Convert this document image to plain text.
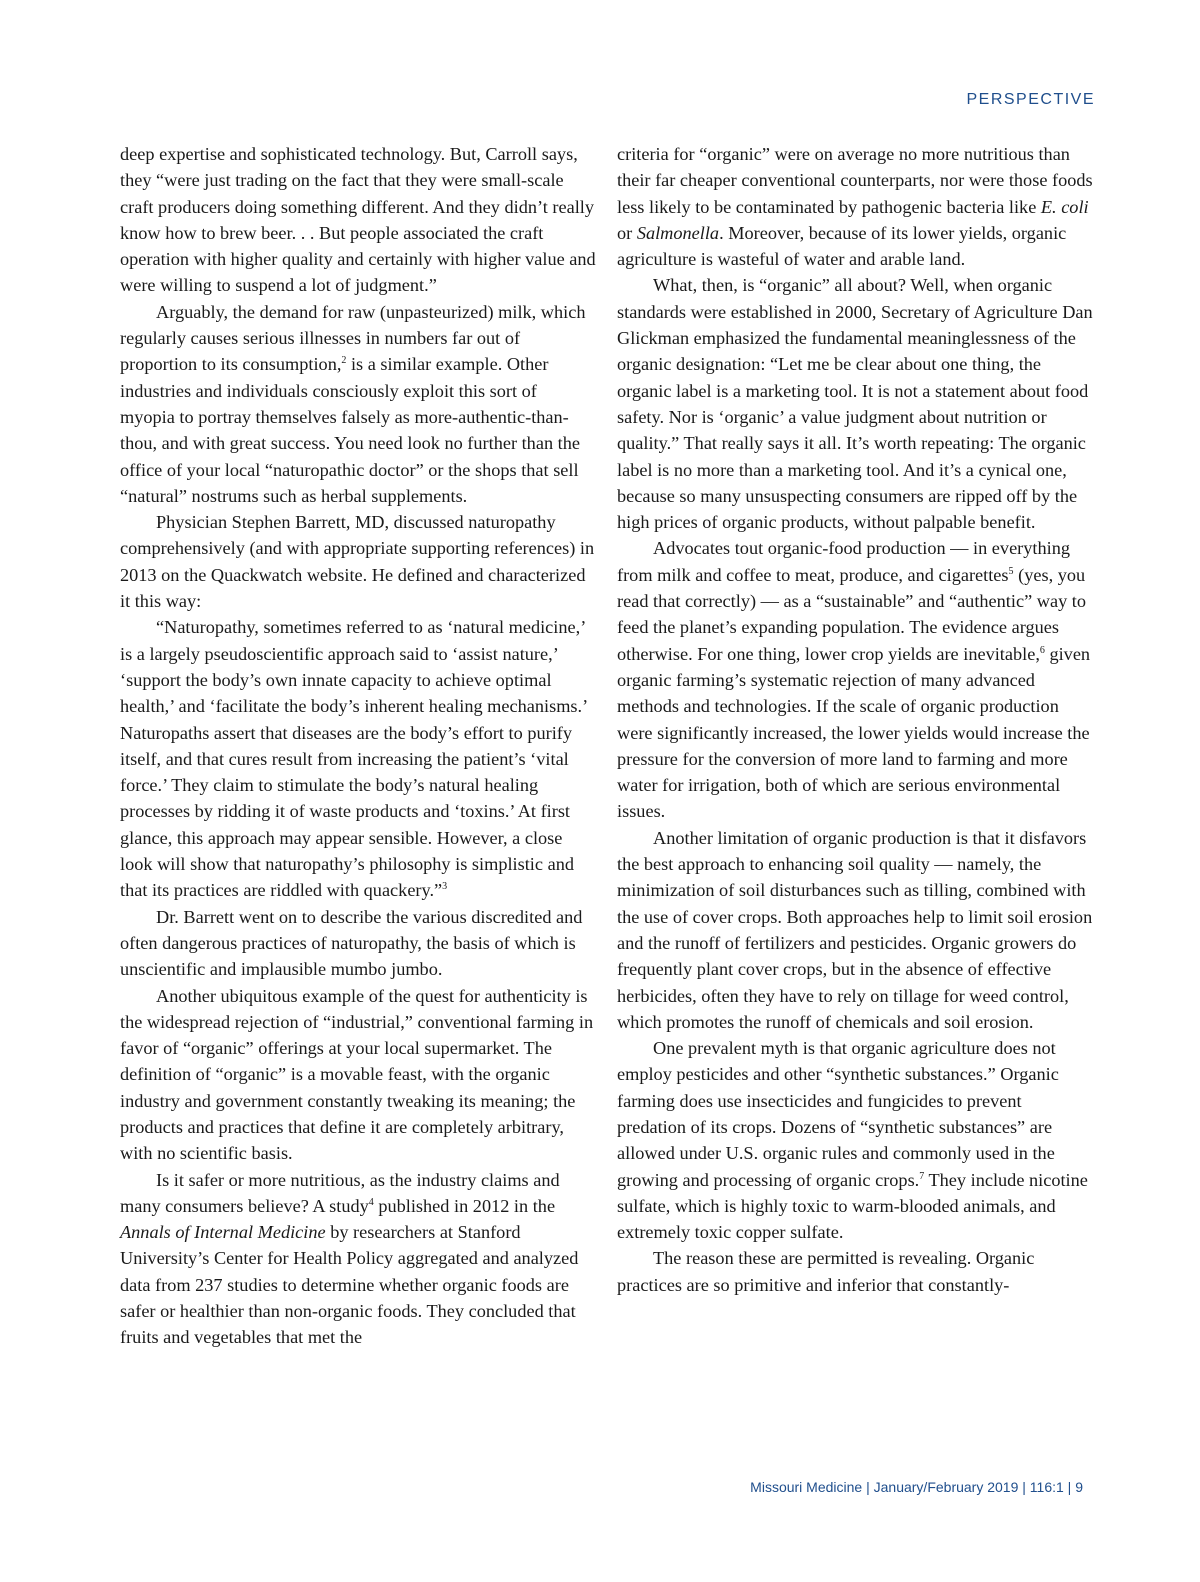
PERSPECTIVE

deep expertise and sophisticated technology. But, Carroll says, they “were just trading on the fact that they were small-scale craft producers doing something different. And they didn’t really know how to brew beer. . . But people associated the craft operation with higher quality and certainly with higher value and were willing to suspend a lot of judgment.”

Arguably, the demand for raw (unpasteurized) milk, which regularly causes serious illnesses in numbers far out of proportion to its consumption,$^2$ is a similar example. Other industries and individuals consciously exploit this sort of myopia to portray themselves falsely as more-authentic-than-thou, and with great success. You need look no further than the office of your local “naturopathic doctor” or the shops that sell “natural” nostrums such as herbal supplements.

Physician Stephen Barrett, MD, discussed naturopathy comprehensively (and with appropriate supporting references) in 2013 on the Quackwatch website. He defined and characterized it this way:

“Naturopathy, sometimes referred to as ‘natural medicine,’ is a largely pseudoscientific approach said to ‘assist nature,’ ‘support the body’s own innate capacity to achieve optimal health,’ and ‘facilitate the body’s inherent healing mechanisms.’ Naturopaths assert that diseases are the body’s effort to purify itself, and that cures result from increasing the patient’s ‘vital force.’ They claim to stimulate the body’s natural healing processes by ridding it of waste products and ‘toxins.’ At first glance, this approach may appear sensible. However, a close look will show that naturopathy’s philosophy is simplistic and that its practices are riddled with quackery.”$^3$

Dr. Barrett went on to describe the various discredited and often dangerous practices of naturopathy, the basis of which is unscientific and implausible mumbo jumbo.

Another ubiquitous example of the quest for authenticity is the widespread rejection of “industrial,” conventional farming in favor of “organic” offerings at your local supermarket. The definition of “organic” is a movable feast, with the organic industry and government constantly tweaking its meaning; the products and practices that define it are completely arbitrary, with no scientific basis.

Is it safer or more nutritious, as the industry claims and many consumers believe? A study$^4$ published in 2012 in the Annals of Internal Medicine by researchers at Stanford University’s Center for Health Policy aggregated and analyzed data from 237 studies to determine whether organic foods are safer or healthier than non-organic foods. They concluded that fruits and vegetables that met the

criteria for “organic” were on average no more nutritious than their far cheaper conventional counterparts, nor were those foods less likely to be contaminated by pathogenic bacteria like E. coli or Salmonella. Moreover, because of its lower yields, organic agriculture is wasteful of water and arable land.

What, then, is “organic” all about? Well, when organic standards were established in 2000, Secretary of Agriculture Dan Glickman emphasized the fundamental meaninglessness of the organic designation: “Let me be clear about one thing, the organic label is a marketing tool. It is not a statement about food safety. Nor is ‘organic’ a value judgment about nutrition or quality.” That really says it all. It’s worth repeating: The organic label is no more than a marketing tool. And it’s a cynical one, because so many unsuspecting consumers are ripped off by the high prices of organic products, without palpable benefit.

Advocates tout organic-food production — in everything from milk and coffee to meat, produce, and cigarettes$^5$ (yes, you read that correctly) — as a “sustainable” and “authentic” way to feed the planet’s expanding population. The evidence argues otherwise. For one thing, lower crop yields are inevitable,$^6$ given organic farming’s systematic rejection of many advanced methods and technologies. If the scale of organic production were significantly increased, the lower yields would increase the pressure for the conversion of more land to farming and more water for irrigation, both of which are serious environmental issues.

Another limitation of organic production is that it disfavors the best approach to enhancing soil quality — namely, the minimization of soil disturbances such as tilling, combined with the use of cover crops. Both approaches help to limit soil erosion and the runoff of fertilizers and pesticides. Organic growers do frequently plant cover crops, but in the absence of effective herbicides, often they have to rely on tillage for weed control, which promotes the runoff of chemicals and soil erosion.

One prevalent myth is that organic agriculture does not employ pesticides and other “synthetic substances.” Organic farming does use insecticides and fungicides to prevent predation of its crops. Dozens of “synthetic substances” are allowed under U.S. organic rules and commonly used in the growing and processing of organic crops.$^7$ They include nicotine sulfate, which is highly toxic to warm-blooded animals, and extremely toxic copper sulfate.

The reason these are permitted is revealing. Organic practices are so primitive and inferior that constantly-

Missouri Medicine | January/February 2019 | 116:1 | 9
